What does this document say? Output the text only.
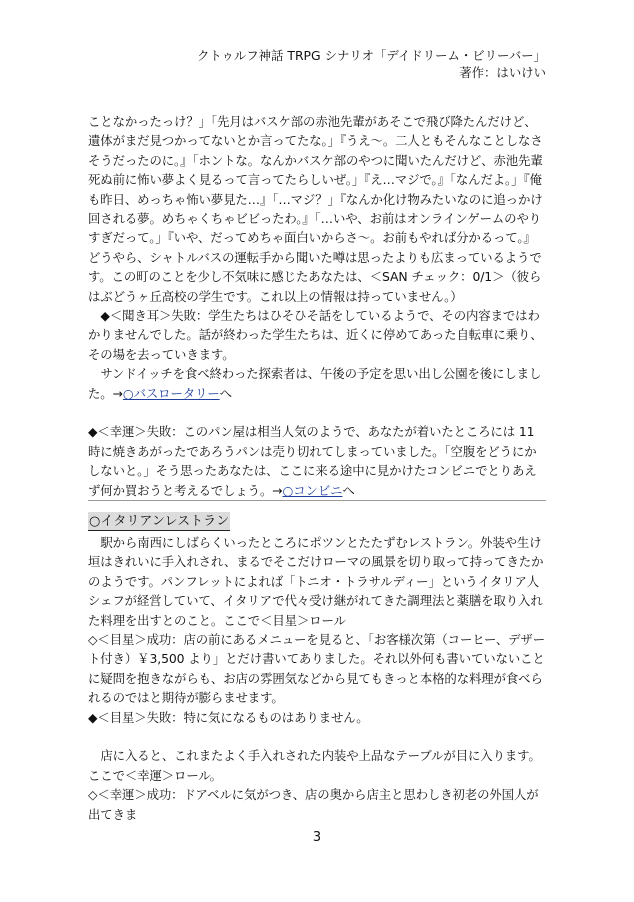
クトゥルフ神話 TRPG シナリオ「デイドリーム・ビリーバー」
著作：はいけい

ことなかったっけ？」「先月はバスケ部の赤池先輩があそこで飛び降たんだけど、遺体がまだ見つかってないとか言ってたな。」『うえ～。二人ともそんなことしなさそうだったのに。』「ホントな。なんかバスケ部のやつに聞いたんだけど、赤池先輩死ぬ前に怖い夢よく見るって言ってたらしいぜ。」『え…マジで。』「なんだよ。」『俺も昨日、めっちゃ怖い夢見た…』「…マジ？」『なんか化け物みたいなのに追っかけ回される夢。めちゃくちゃビビったわ。』「…いや、お前はオンラインゲームのやりすぎだって。」『いや、だってめちゃ面白いからさ～。お前もやれば分かるって。』どうやら、シャトルバスの運転手から聞いた噂は思ったよりも広まっているようです。この町のことを少し不気味に感じたあなたは、＜SAN チェック：0/1＞（彼らはぶどうヶ丘高校の学生です。これ以上の情報は持っていません。）

◆＜聞き耳＞失敗：学生たちはひそひそ話をしているようで、その内容まではわかりませんでした。話が終わった学生たちは、近くに停めてあった自転車に乗り、その場を去っていきます。

サンドイッチを食べ終わった探索者は、午後の予定を思い出し公園を後にしました。→○バスロータリーへ

◆＜幸運＞失敗：このパン屋は相当人気のようで、あなたが着いたところには 11 時に焼きあがったであろうパンは売り切れてしまっていました。「空腹をどうにかしないと。」そう思ったあなたは、ここに来る途中に見かけたコンビニでとりあえず何か買おうと考えるでしょう。→○コンビニへ

○イタリアンレストラン

駅から南西にしばらくいったところにポツンとたたずむレストラン。外装や生け垣はきれいに手入れされ、まるでそこだけローマの風景を切り取って持ってきたかのようです。パンフレットによれば「トニオ・トラサルディー」というイタリア人シェフが経営していて、イタリアで代々受け継がれてきた調理法と薬膳を取り入れた料理を出すとのこと。ここで＜目星＞ロール

◇＜目星＞成功：店の前にあるメニューを見ると、「お客様次第（コーヒー、デザート付き）￥3,500 より」とだけ書いてありました。それ以外何も書いていないことに疑問を抱きながらも、お店の雰囲気などから見てもきっと本格的な料理が食べられるのではと期待が膨らませます。

◆＜目星＞失敗：特に気になるものはありません。

店に入ると、これまたよく手入れされた内装や上品なテーブルが目に入ります。ここで＜幸運＞ロール。

◇＜幸運＞成功：ドアベルに気がつき、店の奥から店主と思わしき初老の外国人が出てきま

3
